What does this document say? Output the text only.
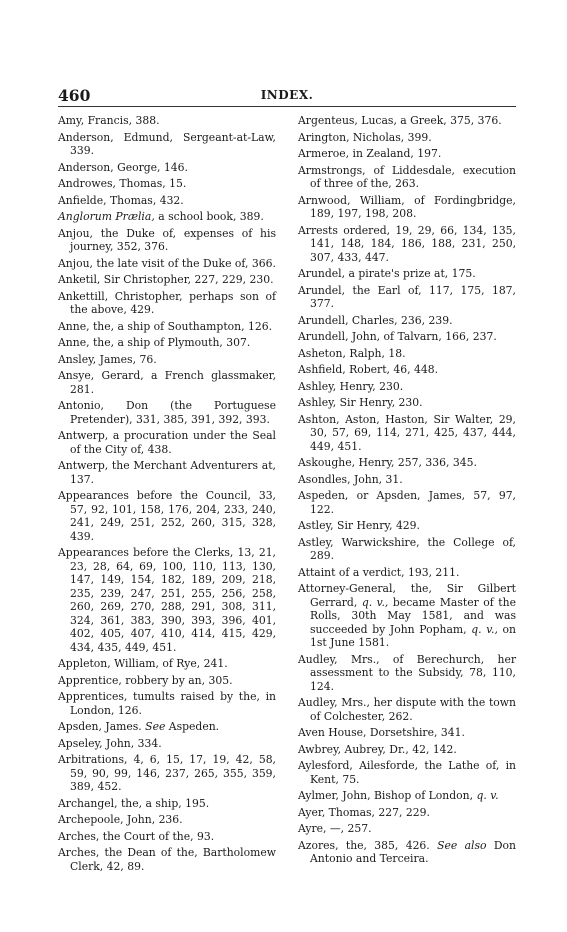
460	INDEX.
Amy, Francis, 388.
Anderson, Edmund, Sergeant-at-Law, 339.
Anderson, George, 146.
Androwes, Thomas, 15.
Anfielde, Thomas, 432.
Anglorum Prælia, a school book, 389.
Anjou, the Duke of, expenses of his journey, 352, 376.
Anjou, the late visit of the Duke of, 366.
Anketil, Sir Christopher, 227, 229, 230.
Ankettill, Christopher, perhaps son of the above, 429.
Anne, the, a ship of Southampton, 126.
Anne, the, a ship of Plymouth, 307.
Ansley, James, 76.
Ansye, Gerard, a French glassmaker, 281.
Antonio, Don (the Portuguese Pretender), 331, 385, 391, 392, 393.
Antwerp, a procuration under the Seal of the City of, 438.
Antwerp, the Merchant Adventurers at, 137.
Appearances before the Council, 33, 57, 92, 101, 158, 176, 204, 233, 240, 241, 249, 251, 252, 260, 315, 328, 439.
Appearances before the Clerks, 13, 21, 23, 28, 64, 69, 100, 110, 113, 130, 147, 149, 154, 182, 189, 209, 218, 235, 239, 247, 251, 255, 256, 258, 260, 269, 270, 288, 291, 308, 311, 324, 361, 383, 390, 393, 396, 401, 402, 405, 407, 410, 414, 415, 429, 434, 435, 449, 451.
Appleton, William, of Rye, 241.
Apprentice, robbery by an, 305.
Apprentices, tumults raised by the, in London, 126.
Apsden, James. See Aspeden.
Apseley, John, 334.
Arbitrations, 4, 6, 15, 17, 19, 42, 58, 59, 90, 99, 146, 237, 265, 355, 359, 389, 452.
Archangel, the, a ship, 195.
Archepoole, John, 236.
Arches, the Court of the, 93.
Arches, the Dean of the, Bartholomew Clerk, 42, 89.
Argenteus, Lucas, a Greek, 375, 376.
Arington, Nicholas, 399.
Armeroe, in Zealand, 197.
Armstrongs, of Liddesdale, execution of three of the, 263.
Arnwood, William, of Fordingbridge, 189, 197, 198, 208.
Arrests ordered, 19, 29, 66, 134, 135, 141, 148, 184, 186, 188, 231, 250, 307, 433, 447.
Arundel, a pirate's prize at, 175.
Arundel, the Earl of, 117, 175, 187, 377.
Arundell, Charles, 236, 239.
Arundell, John, of Talvarn, 166, 237.
Asheton, Ralph, 18.
Ashfield, Robert, 46, 448.
Ashley, Henry, 230.
Ashley, Sir Henry, 230.
Ashton, Aston, Haston, Sir Walter, 29, 30, 57, 69, 114, 271, 425, 437, 444, 449, 451.
Askoughe, Henry, 257, 336, 345.
Asondles, John, 31.
Aspeden, or Apsden, James, 57, 97, 122.
Astley, Sir Henry, 429.
Astley, Warwickshire, the College of, 289.
Attaint of a verdict, 193, 211.
Attorney-General, the, Sir Gilbert Gerrard, q. v., became Master of the Rolls, 30th May 1581, and was succeeded by John Popham, q. v., on 1st June 1581.
Audley, Mrs., of Berechurch, her assessment to the Subsidy, 78, 110, 124.
Audley, Mrs., her dispute with the town of Colchester, 262.
Aven House, Dorsetshire, 341.
Awbrey, Aubrey, Dr., 42, 142.
Aylesford, Ailesforde, the Lathe of, in Kent, 75.
Aylmer, John, Bishop of London, q. v.
Ayer, Thomas, 227, 229.
Ayre, —, 257.
Azores, the, 385, 426. See also Don Antonio and Terceira.
